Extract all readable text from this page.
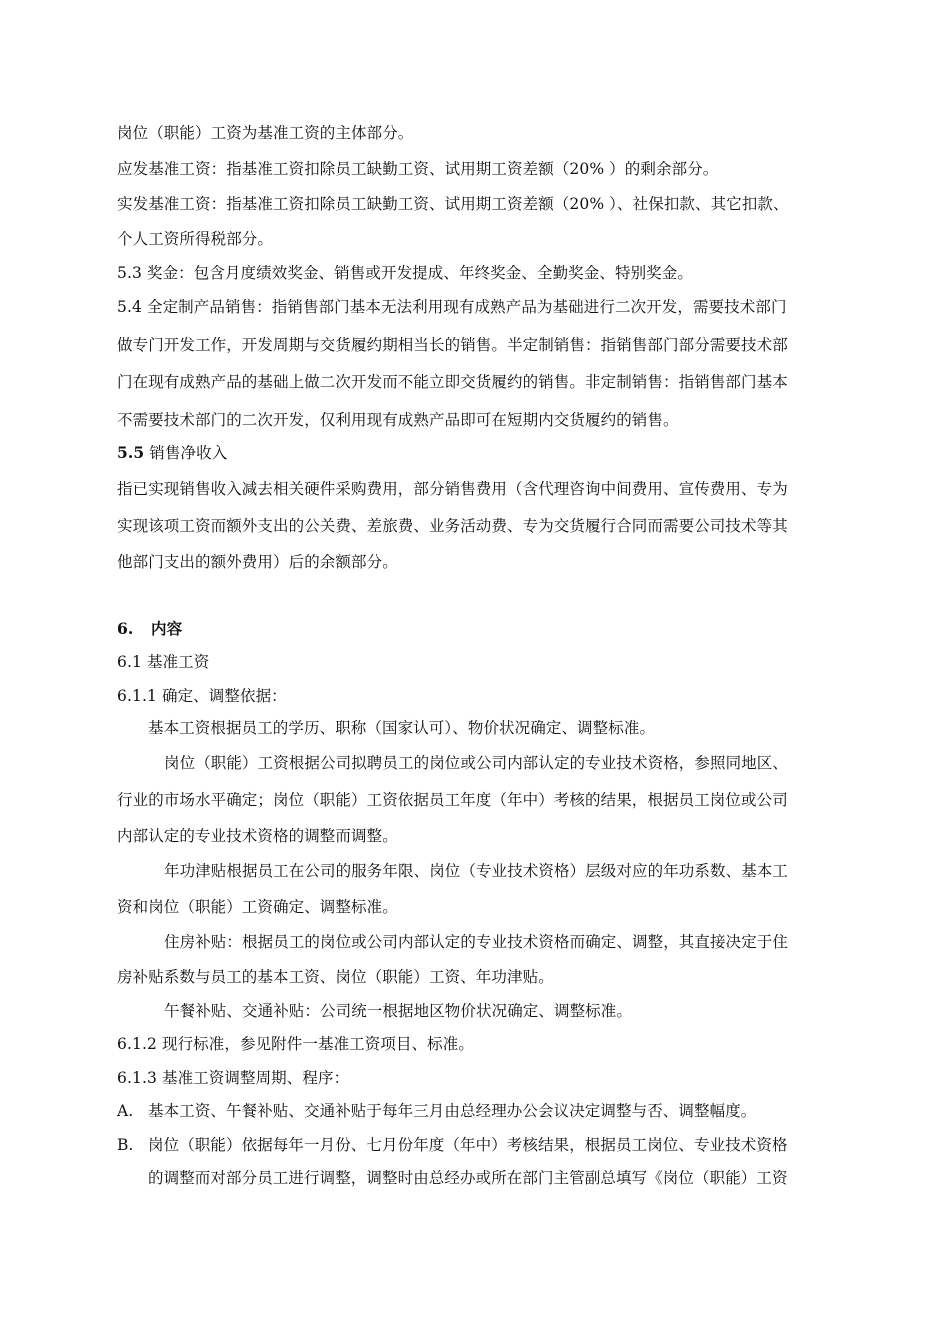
岗位（职能）工资为基准工资的主体部分。
应发基准工资：指基准工资扣除员工缺勤工资、试用期工资差额（20% ）的剩余部分。
实发基准工资：指基准工资扣除员工缺勤工资、试用期工资差额（20% ）、社保扣款、其它扣款、
个人工资所得税部分。
5.3 奖金：包含月度绩效奖金、销售或开发提成、年终奖金、全勤奖金、特别奖金。
5.4 全定制产品销售：指销售部门基本无法利用现有成熟产品为基础进行二次开发，需要技术部门
做专门开发工作，开发周期与交货履约期相当长的销售。半定制销售：指销售部门部分需要技术部
门在现有成熟产品的基础上做二次开发而不能立即交货履约的销售。非定制销售：指销售部门基本
不需要技术部门的二次开发，仅利用现有成熟产品即可在短期内交货履约的销售。
5.5 销售净收入
指已实现销售收入减去相关硬件采购费用，部分销售费用（含代理咨询中间费用、宣传费用、专为
实现该项工资而额外支出的公关费、差旅费、业务活动费、专为交货履行合同而需要公司技术等其
他部门支出的额外费用）后的余额部分。
6. 内容
6.1 基准工资
6.1.1 确定、调整依据：
基本工资根据员工的学历、职称（国家认可）、物价状况确定、调整标准。
岗位（职能）工资根据公司拟聘员工的岗位或公司内部认定的专业技术资格，参照同地区、
行业的市场水平确定；岗位（职能）工资依据员工年度（年中）考核的结果，根据员工岗位或公司
内部认定的专业技术资格的调整而调整。
年功津贴根据员工在公司的服务年限、岗位（专业技术资格）层级对应的年功系数、基本工
资和岗位（职能）工资确定、调整标准。
住房补贴：根据员工的岗位或公司内部认定的专业技术资格而确定、调整，其直接决定于住
房补贴系数与员工的基本工资、岗位（职能）工资、年功津贴。
午餐补贴、交通补贴：公司统一根据地区物价状况确定、调整标准。
6.1.2 现行标准，参见附件一基准工资项目、标准。
6.1.3 基准工资调整周期、程序：
A. 基本工资、午餐补贴、交通补贴于每年三月由总经理办公会议决定调整与否、调整幅度。
B. 岗位（职能）依据每年一月份、七月份年度（年中）考核结果，根据员工岗位、专业技术资格
的调整而对部分员工进行调整，调整时由总经办或所在部门主管副总填写《岗位（职能）工资
